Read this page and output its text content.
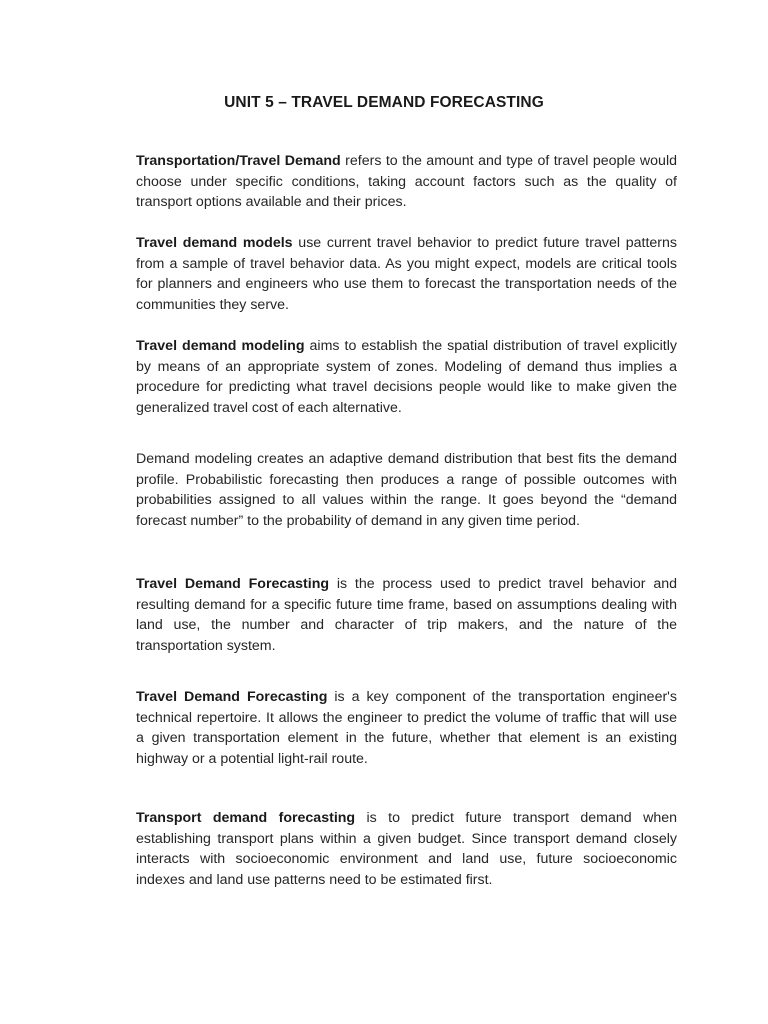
UNIT 5 – TRAVEL DEMAND FORECASTING

Transportation/Travel Demand refers to the amount and type of travel people would choose under specific conditions, taking account factors such as the quality of transport options available and their prices.

Travel demand models use current travel behavior to predict future travel patterns from a sample of travel behavior data. As you might expect, models are critical tools for planners and engineers who use them to forecast the transportation needs of the communities they serve.

Travel demand modeling aims to establish the spatial distribution of travel explicitly by means of an appropriate system of zones. Modeling of demand thus implies a procedure for predicting what travel decisions people would like to make given the generalized travel cost of each alternative.

Demand modeling creates an adaptive demand distribution that best fits the demand profile. Probabilistic forecasting then produces a range of possible outcomes with probabilities assigned to all values within the range. It goes beyond the “demand forecast number” to the probability of demand in any given time period.

Travel Demand Forecasting is the process used to predict travel behavior and resulting demand for a specific future time frame, based on assumptions dealing with land use, the number and character of trip makers, and the nature of the transportation system.

Travel Demand Forecasting is a key component of the transportation engineer's technical repertoire. It allows the engineer to predict the volume of traffic that will use a given transportation element in the future, whether that element is an existing highway or a potential light-rail route.

Transport demand forecasting is to predict future transport demand when establishing transport plans within a given budget. Since transport demand closely interacts with socioeconomic environment and land use, future socioeconomic indexes and land use patterns need to be estimated first.
